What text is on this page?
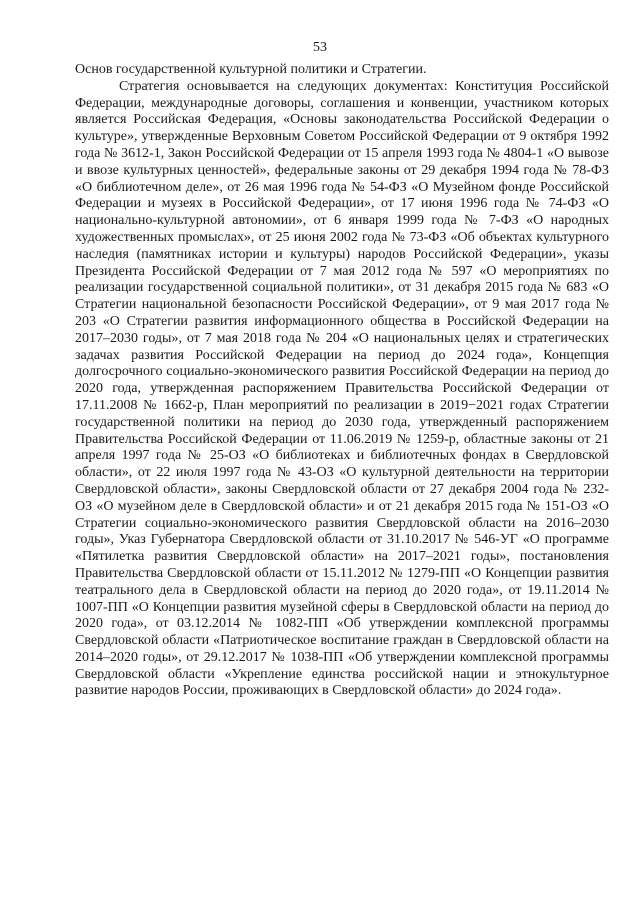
53

Основ государственной культурной политики и Стратегии.

Стратегия основывается на следующих документах: Конституция Российской Федерации, международные договоры, соглашения и конвенции, участником которых является Российская Федерация, «Основы законодательства Российской Федерации о культуре», утвержденные Верховным Советом Российской Федерации от 9 октября 1992 года № 3612-1, Закон Российской Федерации от 15 апреля 1993 года № 4804-1 «О вывозе и ввозе культурных ценностей», федеральные законы от 29 декабря 1994 года № 78-ФЗ «О библиотечном деле», от 26 мая 1996 года № 54-ФЗ «О Музейном фонде Российской Федерации и музеях в Российской Федерации», от 17 июня 1996 года № 74-ФЗ «О национально-культурной автономии», от 6 января 1999 года № 7-ФЗ «О народных художественных промыслах», от 25 июня 2002 года № 73-ФЗ «Об объектах культурного наследия (памятниках истории и культуры) народов Российской Федерации», указы Президента Российской Федерации от 7 мая 2012 года № 597 «О мероприятиях по реализации государственной социальной политики», от 31 декабря 2015 года № 683 «О Стратегии национальной безопасности Российской Федерации», от 9 мая 2017 года № 203 «О Стратегии развития информационного общества в Российской Федерации на 2017–2030 годы», от 7 мая 2018 года № 204 «О национальных целях и стратегических задачах развития Российской Федерации на период до 2024 года», Концепция долгосрочного социально-экономического развития Российской Федерации на период до 2020 года, утвержденная распоряжением Правительства Российской Федерации от 17.11.2008 № 1662-р, План мероприятий по реализации в 2019−2021 годах Стратегии государственной политики на период до 2030 года, утвержденный распоряжением Правительства Российской Федерации от 11.06.2019 № 1259-р, областные законы от 21 апреля 1997 года № 25-ОЗ «О библиотеках и библиотечных фондах в Свердловской области», от 22 июля 1997 года № 43-ОЗ «О культурной деятельности на территории Свердловской области», законы Свердловской области от 27 декабря 2004 года № 232-ОЗ «О музейном деле в Свердловской области» и от 21 декабря 2015 года № 151-ОЗ «О Стратегии социально-экономического развития Свердловской области на 2016–2030 годы», Указ Губернатора Свердловской области от 31.10.2017 № 546-УГ «О программе «Пятилетка развития Свердловской области» на 2017–2021 годы», постановления Правительства Свердловской области от 15.11.2012 № 1279-ПП «О Концепции развития театрального дела в Свердловской области на период до 2020 года», от 19.11.2014 № 1007-ПП «О Концепции развития музейной сферы в Свердловской области на период до 2020 года», от 03.12.2014 № 1082-ПП «Об утверждении комплексной программы Свердловской области «Патриотическое воспитание граждан в Свердловской области на 2014–2020 годы», от 29.12.2017 № 1038-ПП «Об утверждении комплексной программы Свердловской области «Укрепление единства российской нации и этнокультурное развитие народов России, проживающих в Свердловской области» до 2024 года».
